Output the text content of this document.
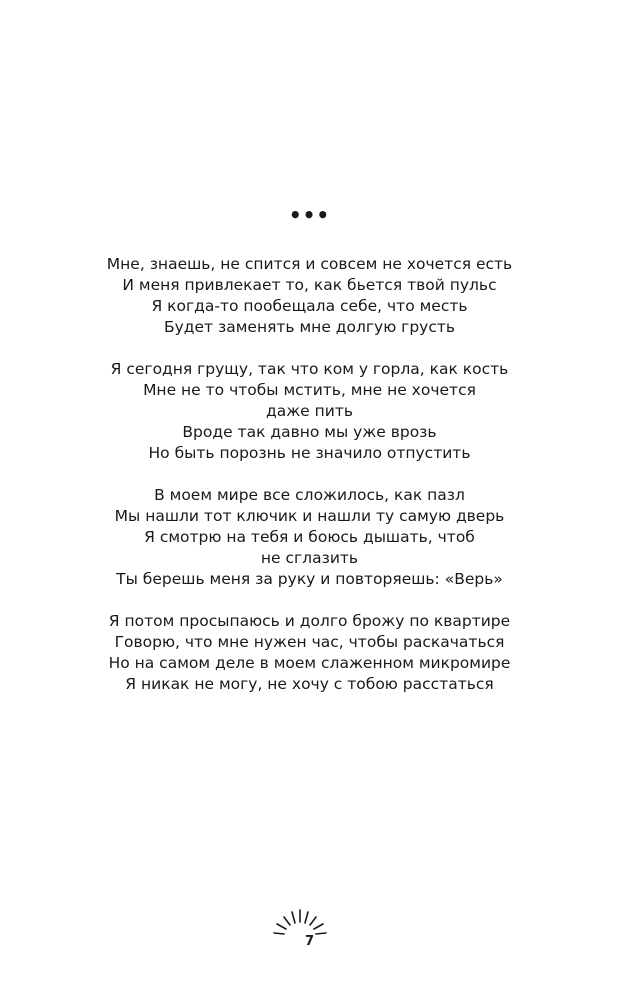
•••
Мне, знаешь, не спится и совсем не хочется есть
И меня привлекает то, как бьется твой пульс
Я когда-то пообещала себе, что месть
Будет заменять мне долгую грусть
Я сегодня грущу, так что ком у горла, как кость
Мне не то чтобы мстить, мне не хочется
даже пить
Вроде так давно мы уже врозь
Но быть порознь не значило отпустить
В моем мире все сложилось, как пазл
Мы нашли тот ключик и нашли ту самую дверь
Я смотрю на тебя и боюсь дышать, чтоб
не сглазить
Ты берешь меня за руку и повторяешь: «Верь»
Я потом просыпаюсь и долго брожу по квартире
Говорю, что мне нужен час, чтобы раскачаться
Но на самом деле в моем слаженном микромире
Я никак не могу, не хочу с тобою расстаться
7
